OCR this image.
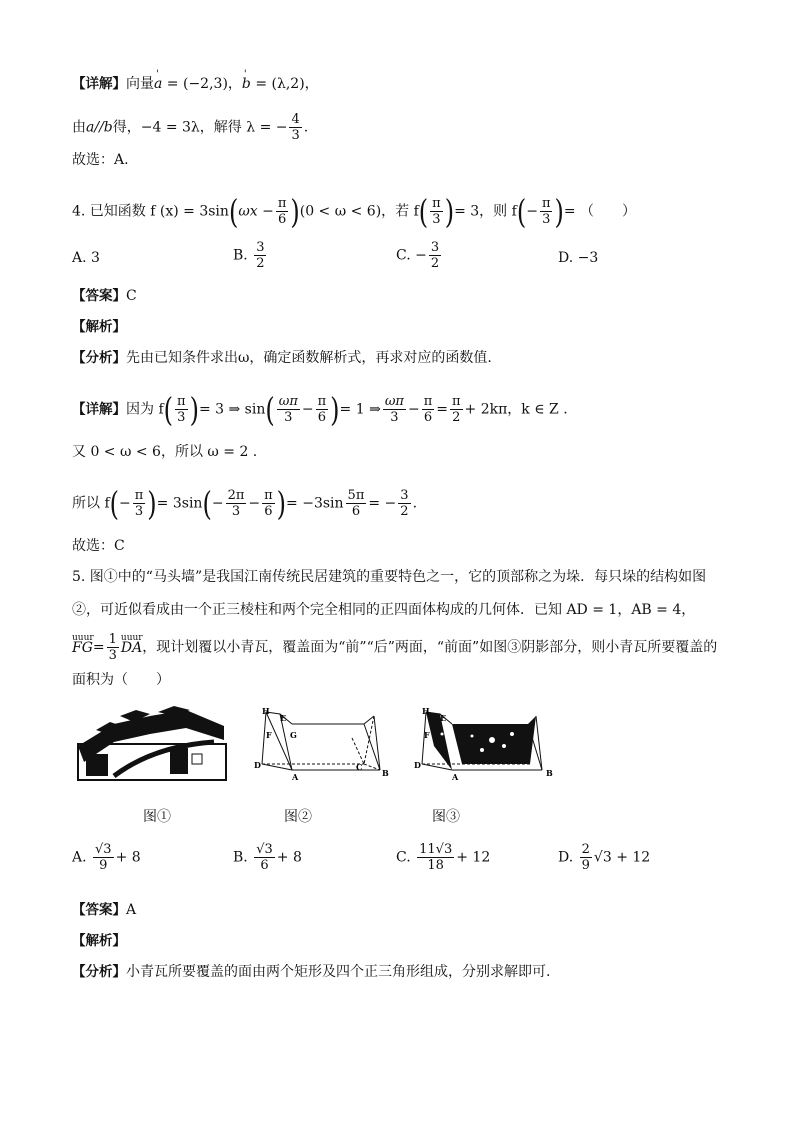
【详解】向量' a = (−2,3)，' b = (λ,2)，
由a//b得，−4 = 3λ，解得 λ = − $\frac{4}{3}$ .
故选：A.
4. 已知函数 f $(x) = 3\sin(\omega x - \frac{\pi}{6} )(0 < \omega < 6)$，若 $f( \frac{\pi}{3}$ )= 3，则 $f(- \frac{\pi}{3}$ )= （　　）
A. 3	B. $\frac{3}{2}$	C. − $\frac{3}{2}$	D. −3
【答案】C
【解析】
【分析】先由已知条件求出ω，确定函数解析式，再求对应的函数值.
【详解】因为 $f( \frac{\pi}{3}$ )= 3 ⇒ $\sin( \frac{\omega\pi}{3} - \frac{\pi}{6}$ )= 1 ⇒ $\frac{\omega\pi}{3} - \frac{\pi}{6} = \frac{\pi}{2} + 2k\pi$，k ∈ Z .
又 0 < ω < 6，所以 ω = 2 .
所以 $f(- \frac{\pi}{3}$ )= $3\sin(- \frac{2\pi}{3} - \frac{\pi}{6}$ )= $-3\sin \frac{5\pi}{6}$ = − $\frac{3}{2}$ .
故选：C
5. 图①中的“马头墙”是我国江南传统民居建筑的重要特色之一，它的顶部称之为垛．每只垛的结构如图
②，可近似看成由一个正三棱柱和两个完全相同的正四面体构成的几何体．已知 AD = 1，AB = 4，
uuur
$FG= \frac{1}{3}$ uuur
DA，现计划覆以小青瓦，覆盖面为“前”“后”两面，“前面”如图③阴影部分，则小青瓦所要覆盖的
面积为（　　）
H
E
F G
D
A
C
B
H
E
F
D
A	B
图①	图②	图③
A. $\frac{√3}{9} + 8$	B. $\frac{√3}{6} + 8$	C. $\frac{11√3}{18} + 12$	D. $\frac{2}{9} √3 + 12$
【答案】A
【解析】
【分析】小青瓦所要覆盖的面由两个矩形及四个正三角形组成，分别求解即可.
